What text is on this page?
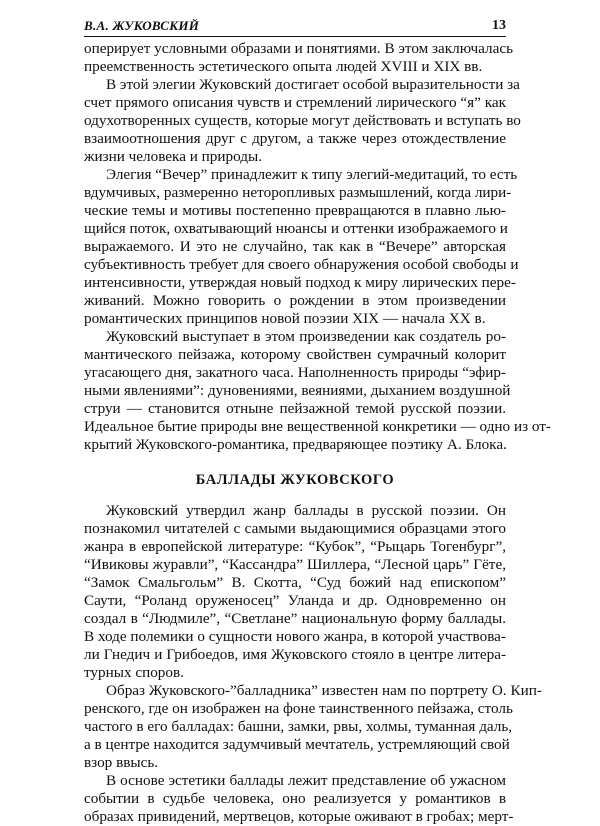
В.А. ЖУКОВСКИЙ	13

оперирует условными образами и понятиями. В этом заключалась
преемственность эстетического опыта людей XVIII и XIX вв.

В этой элегии Жуковский достигает особой выразительности за
счет прямого описания чувств и стремлений лирического “я” как
одухотворенных существ, которые могут действовать и вступать во
взаимоотношения друг с другом, а также через отождествление
жизни человека и природы.

Элегия “Вечер” принадлежит к типу элегий-медитаций, то есть
вдумчивых, размеренно неторопливых размышлений, когда лири-
ческие темы и мотивы постепенно превращаются в плавно лью-
щийся поток, охватывающий нюансы и оттенки изображаемого и
выражаемого. И это не случайно, так как в “Вечере” авторская
субъективность требует для своего обнаружения особой свободы и
интенсивности, утверждая новый подход к миру лирических пере-
живаний. Можно говорить о рождении в этом произведении
романтических принципов новой поэзии XIX — начала XX в.

Жуковский выступает в этом произведении как создатель ро-
мантического пейзажа, которому свойствен сумрачный колорит
угасающего дня, закатного часа. Наполненность природы “эфир-
ными явлениями”: дуновениями, веяниями, дыханием воздушной
струи — становится отныне пейзажной темой русской поэзии.
Идеальное бытие природы вне вещественной конкретики — одно из от-
крытий Жуковского-романтика, предваряющее поэтику А. Блока.

БАЛЛАДЫ ЖУКОВСКОГО

Жуковский утвердил жанр баллады в русской поэзии. Он
познакомил читателей с самыми выдающимися образцами этого
жанра в европейской литературе: “Кубок”, “Рыцарь Тогенбург”,
“Ивиковы журавли”, “Кассандра” Шиллера, “Лесной царь” Гёте,
“Замок Смальгольм” В. Скотта, “Суд божий над епископом”
Саути, “Роланд оруженосец” Уланда и др. Одновременно он
создал в “Людмиле”, “Светлане” национальную форму баллады.
В ходе полемики о сущности нового жанра, в которой участвова-
ли Гнедич и Грибоедов, имя Жуковского стояло в центре литера-
турных споров.

Образ Жуковского-”балладника” известен нам по портрету О. Кип-
ренского, где он изображен на фоне таинственного пейзажа, столь
частого в его балладах: башни, замки, рвы, холмы, туманная даль,
а в центре находится задумчивый мечтатель, устремляющий свой
взор ввысь.

В основе эстетики баллады лежит представление об ужасном
событии в судьбе человека, оно реализуется у романтиков в
образах привидений, мертвецов, которые оживают в гробах; мерт-
